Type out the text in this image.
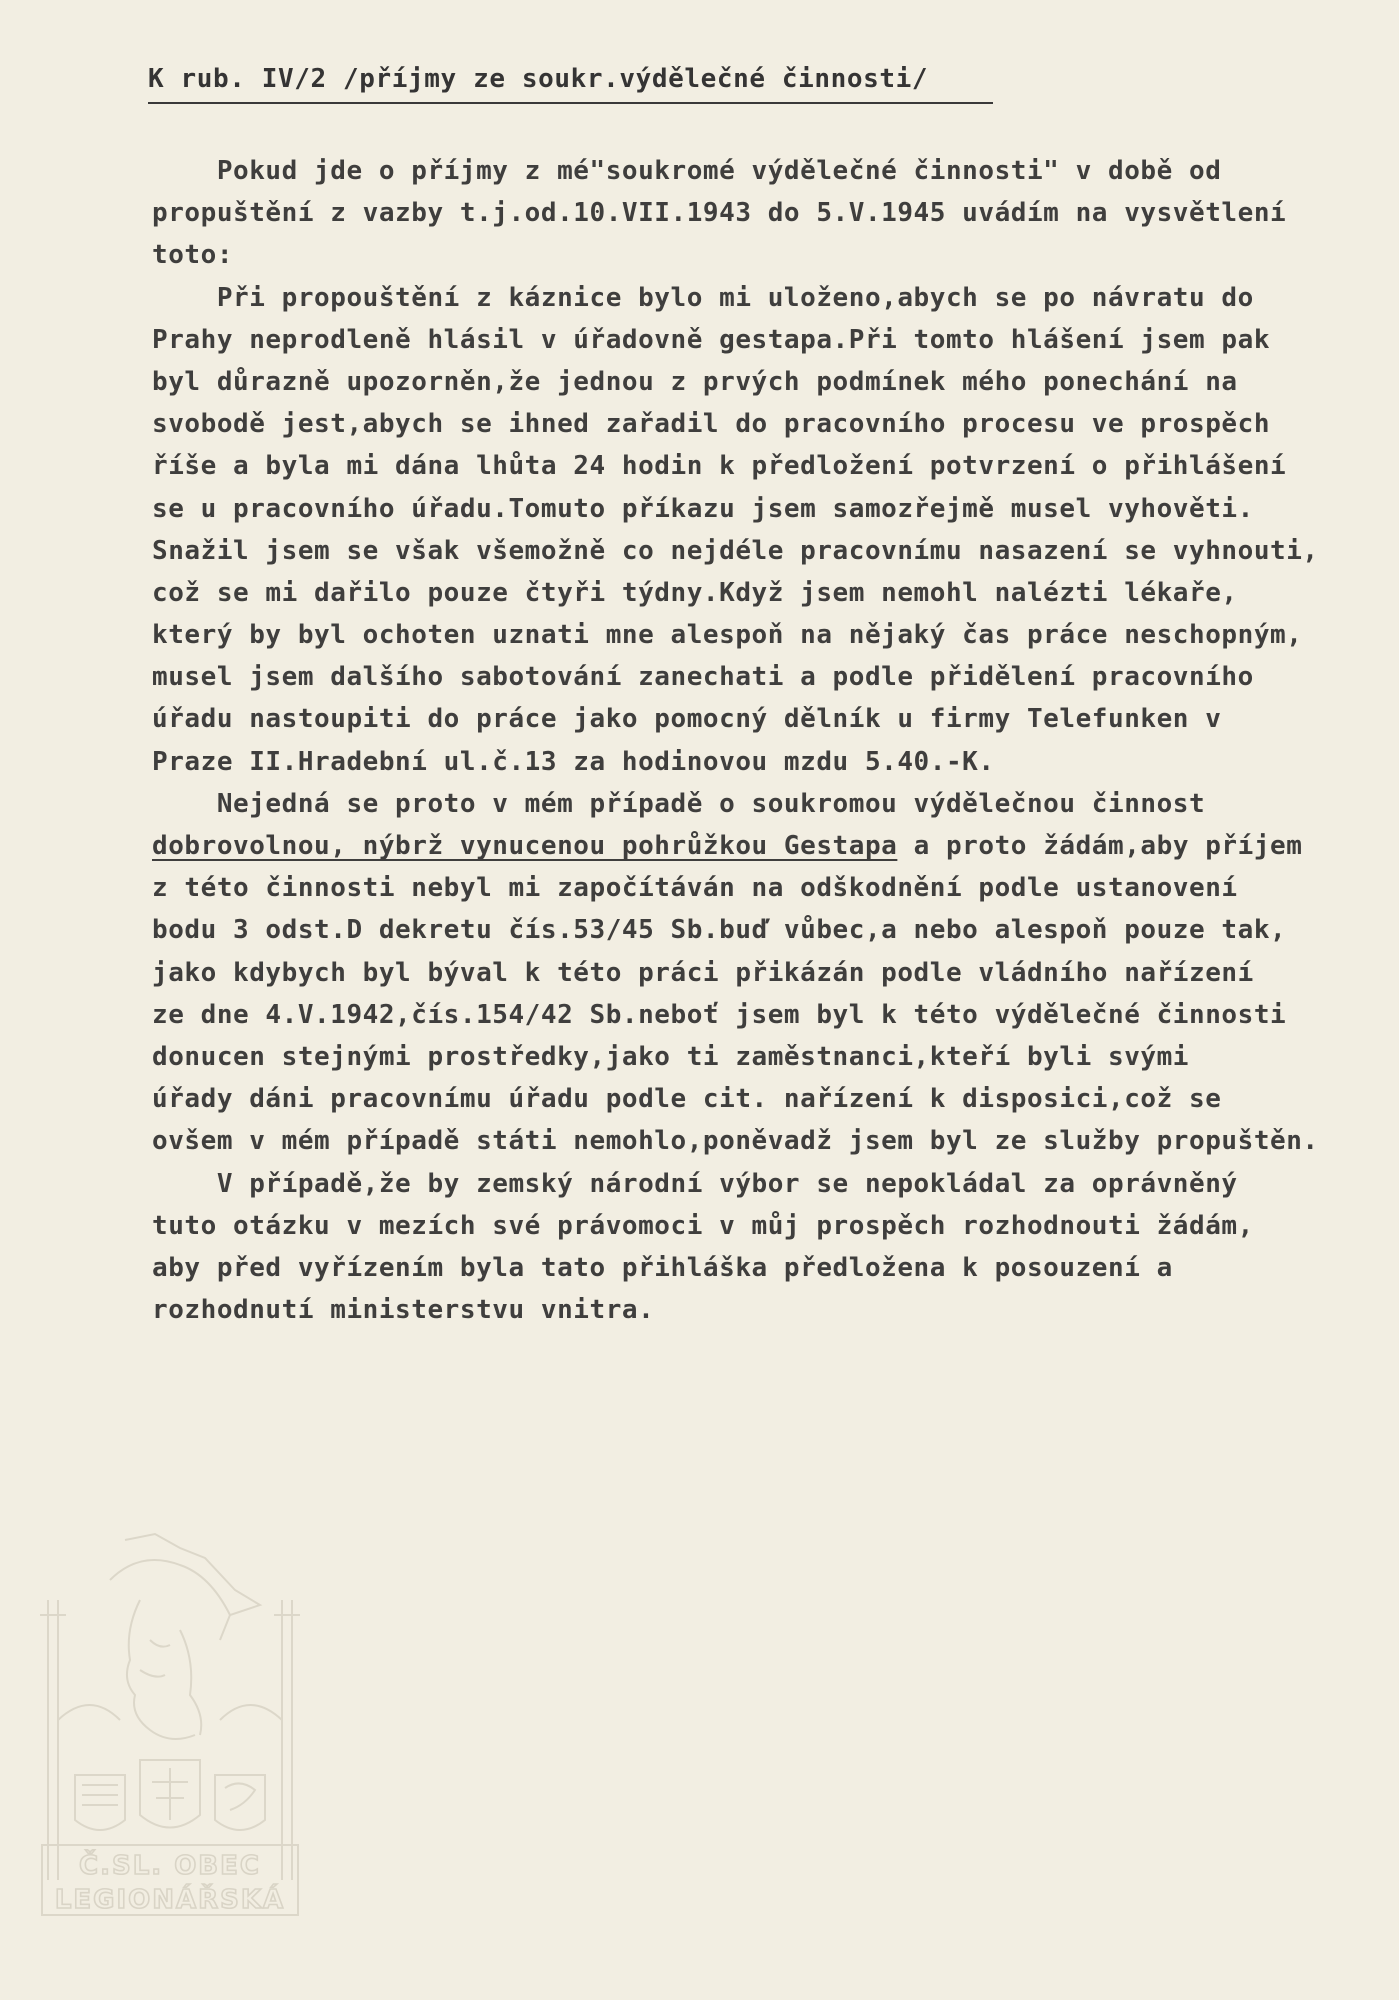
K rub. IV/2 /příjmy ze soukr.výdělečné činnosti/
Pokud jde o příjmy z mé"soukromé výdělečné činnosti" v době od
propuštění z vazby t.j.od.10.VII.1943 do 5.V.1945 uvádím na vysvětlení
toto:
Při propouštění z káznice bylo mi uloženo,abych se po návratu do
Prahy neprodleně hlásil v úřadovně gestapa.Při tomto hlášení jsem pak
byl důrazně upozorněn,že jednou z prvých podmínek mého ponechání na
svobodě jest,abych se ihned zařadil do pracovního procesu ve prospěch
říše a byla mi dána lhůta 24 hodin k předložení potvrzení o přihlášení
se u pracovního úřadu.Tomuto příkazu jsem samozřejmě musel vyhověti.
Snažil jsem se však všemožně co nejdéle pracovnímu nasazení se vyhnouti,
což se mi dařilo pouze čtyři týdny.Když jsem nemohl nalézti lékaře,
který by byl ochoten uznati mne alespoň na nějaký čas práce neschopným,
musel jsem dalšího sabotování zanechati a podle přidělení pracovního
úřadu nastoupiti do práce jako pomocný dělník u firmy Telefunken v
Praze II.Hradební ul.č.13 za hodinovou mzdu 5.40.-K.
Nejedná se proto v mém případě o soukromou výdělečnou činnost
dobrovolnou, nýbrž vynucenou pohrůžkou Gestapa a proto žádám,aby příjem
z této činnosti nebyl mi započítáván na odškodnění podle ustanovení
bodu 3 odst.D dekretu čís.53/45 Sb.buď vůbec,a nebo alespoň pouze tak,
jako kdybych byl býval k této práci přikázán podle vládního nařízení
ze dne 4.V.1942,čís.154/42 Sb.neboť jsem byl k této výdělečné činnosti
donucen stejnými prostředky,jako ti zaměstnanci,kteří byli svými
úřady dáni pracovnímu úřadu podle cit. nařízení k disposici,což se
ovšem v mém případě státi nemohlo,poněvadž jsem byl ze služby propuštěn.
V případě,že by zemský národní výbor se nepokládal za oprávněný
tuto otázku v mezích své právomoci v můj prospěch rozhodnouti žádám,
aby před vyřízením byla tato přihláška předložena k posouzení a
rozhodnutí ministerstvu vnitra.
Č.SL. OBEC
LEGIONÁŘSKÁ
